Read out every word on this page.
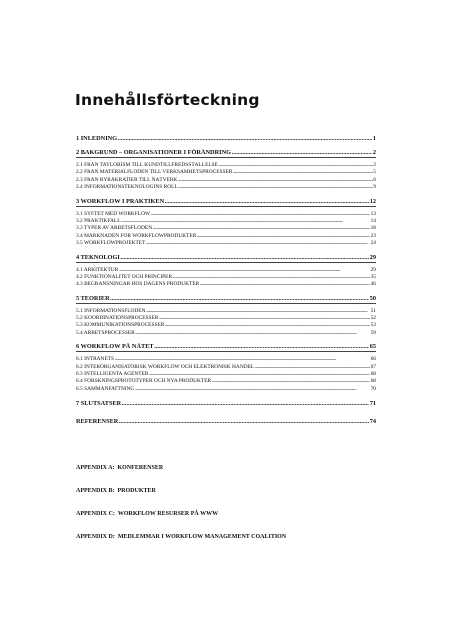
Innehållsförteckning
1 INLEDNING .....	1
2 BAKGRUND – ORGANISATIONER I FÖRÄNDRING .....	2
2.1 FRÅN TAYLORISM TILL KUNDTILLFREDSSTÄLLELSE .....	2
2.2 FRÅN MATERIALFLÖDEN TILL VERKSAMHETSPROCESSER .....	5
2.3 FRÅN BYRÅKRATIER TILL NÄTVERK .....	6
2.4 INFORMATIONSTEKNOLOGINS ROLL .....	9
3 WORKFLOW I PRAKTIKEN .....	12
3.1 SYFTET MED WORKFLOW .....	13
3.2 PRAKTIKFALL .....	14
3.3 TYPER AV ARBETSFLÖDEN .....	18
3.4 MARKNADEN FÖR WORKFLOWPRODUKTER .....	23
3.5 WORKFLOWPROJEKTET .....	24
4 TEKNOLOGI .....	29
4.1 ARKITEKTUR .....	29
4.2 FUNKTIONALITET OCH PRINCIPER .....	35
4.3 BEGRÄNSNINGAR HOS DAGENS PRODUKTER .....	46
5 TEORIER .....	50
5.1 INFORMATIONSFLÖDEN .....	51
5.2 KOORDINATIONSPROCESSER .....	52
5.3 KOMMUNIKATIONSPROCESSER .....	53
5.4 ARBETSPROCESSER .....	59
6 WORKFLOW PÅ NÄTET .....	65
6.1 INTRANETS .....	66
6.2 INTERORGANISATORISK WORKFLOW OCH ELEKTRONISK HANDEL .....	67
6.3 INTELLIGENTA AGENTER .....	68
6.4 FORSKNINGSPROTOTYPER OCH NYA PRODUKTER .....	68
6.5 SAMMANFATTNING .....	70
7 SLUTSATSER .....	71
REFERENSER .....	74
APPENDIX A: KONFERENSER
APPENDIX B: PRODUKTER
APPENDIX C: WORKFLOW RESURSER PÅ WWW
APPENDIX D: MEDLEMMAR I WORKFLOW MANAGEMENT COALITION
